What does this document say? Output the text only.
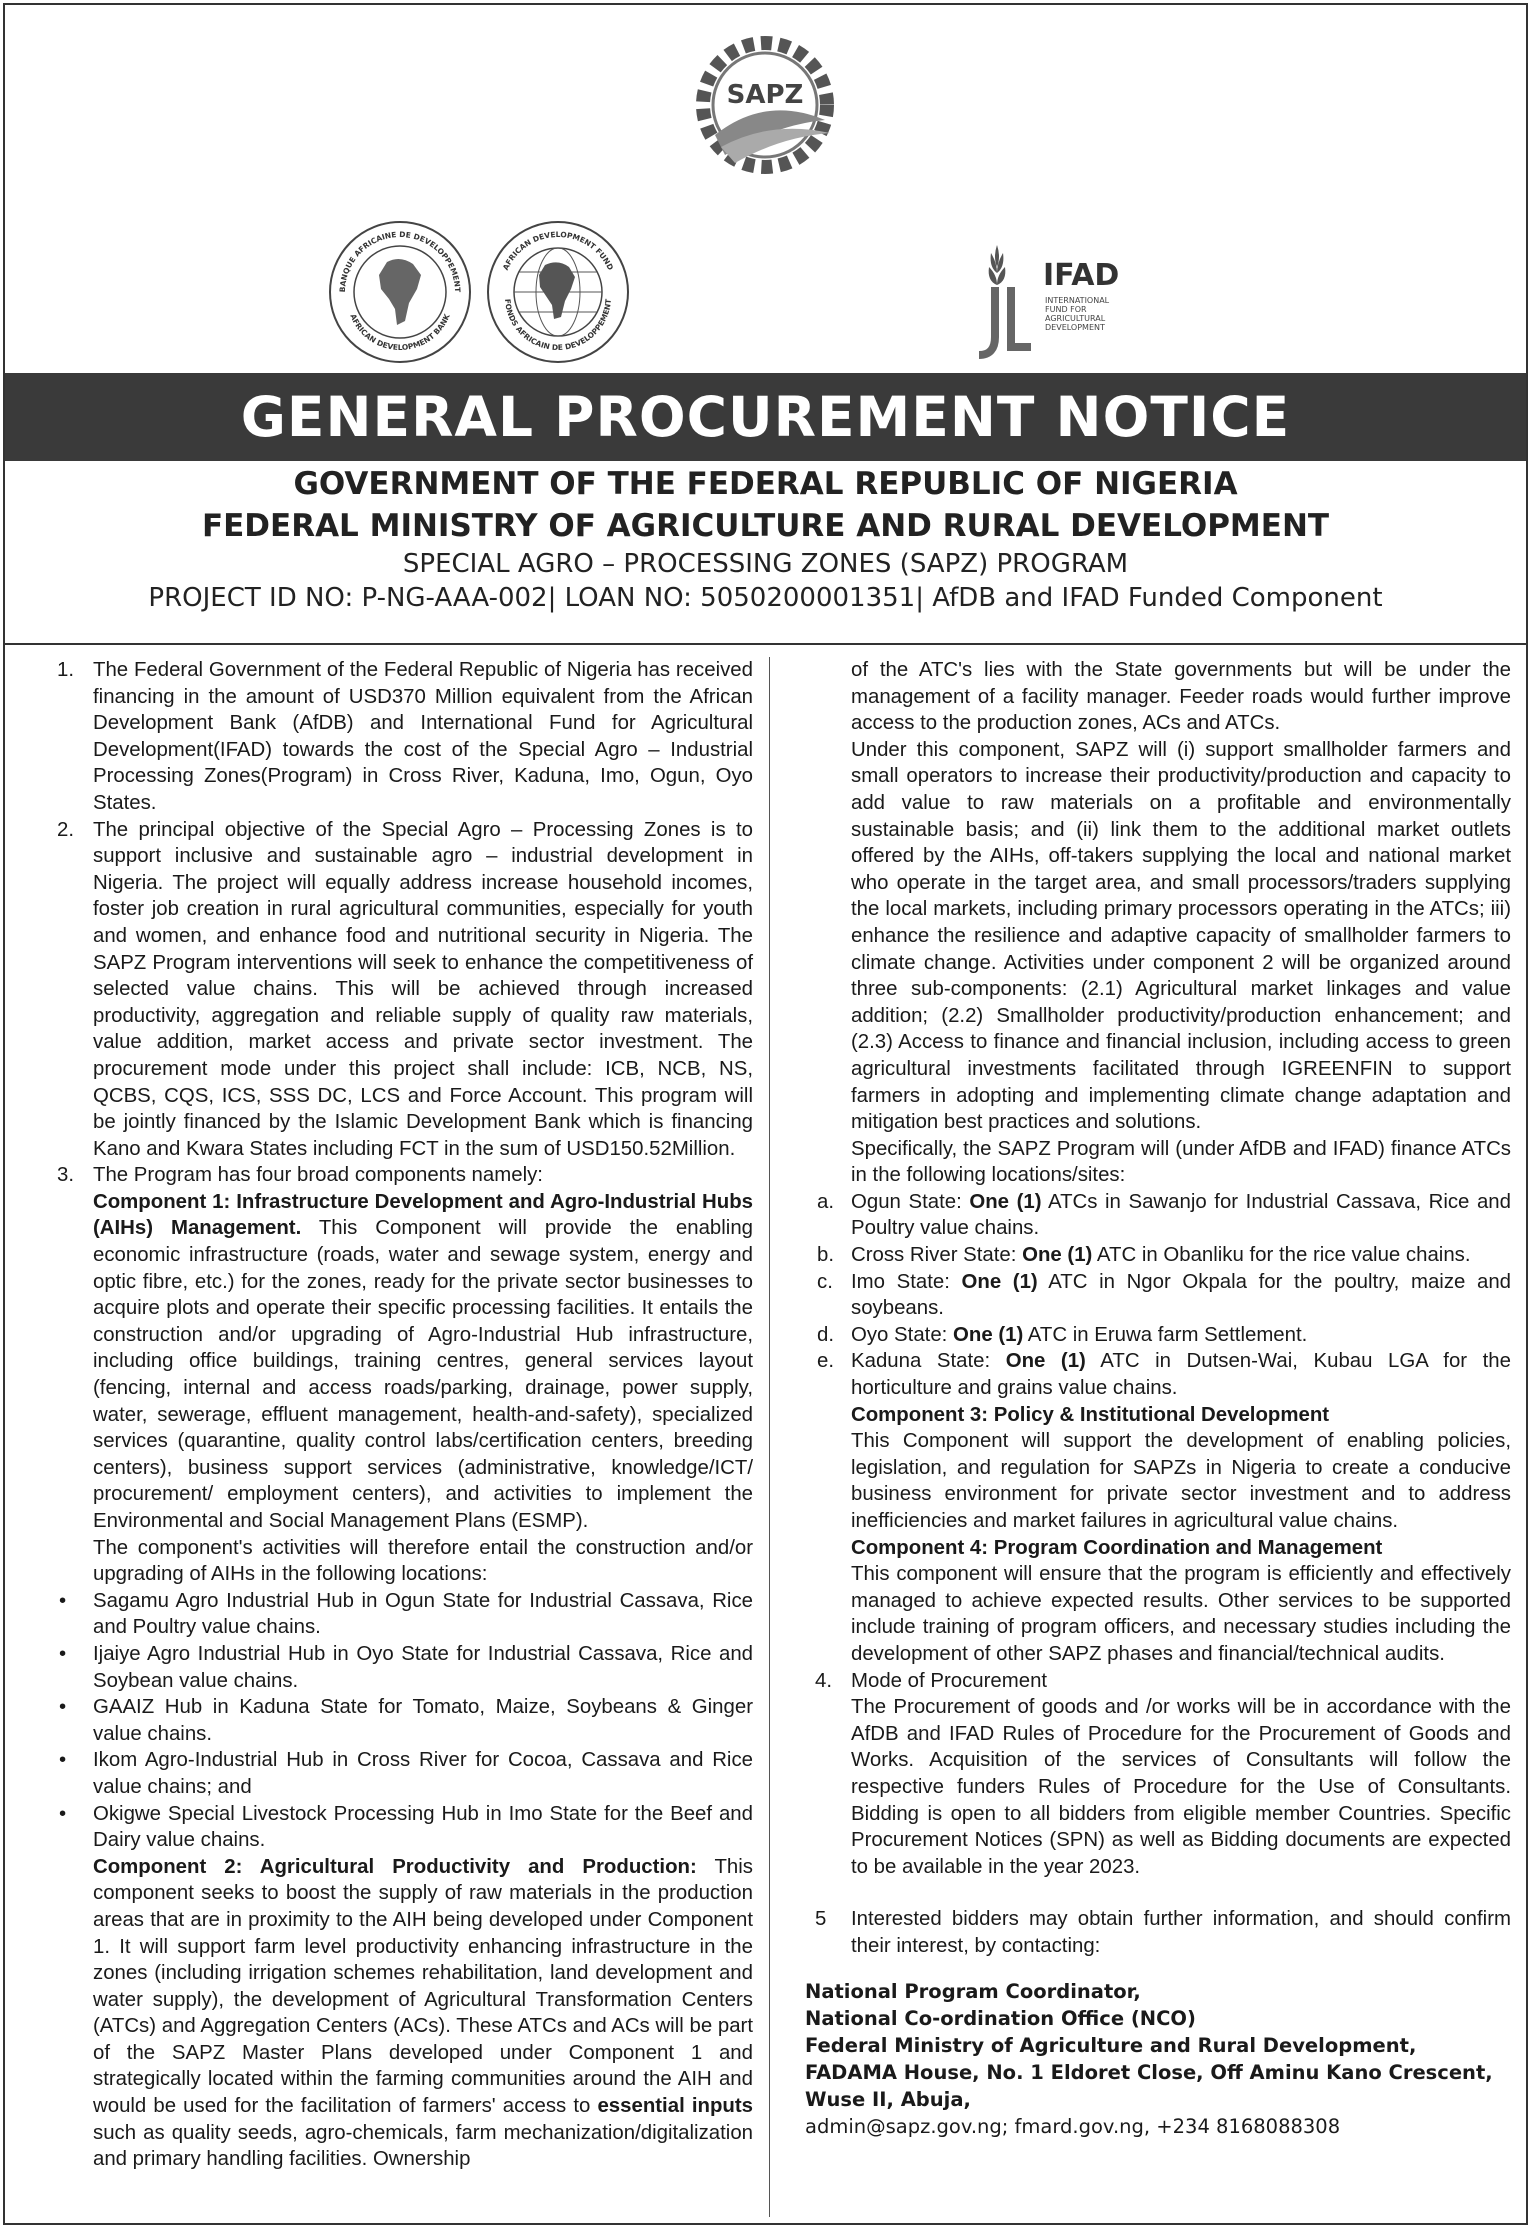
SAPZ
BANQUE AFRICAINE DE DEVELOPPEMENT
AFRICAN DEVELOPMENT BANK
AFRICAN DEVELOPMENT FUND
FONDS AFRICAIN DE DEVELOPPEMENT
IFAD
INTERNATIONAL
FUND FOR
AGRICULTURAL
DEVELOPMENT
GENERAL PROCUREMENT NOTICE
GOVERNMENT OF THE FEDERAL REPUBLIC OF NIGERIA
FEDERAL MINISTRY OF AGRICULTURE AND RURAL DEVELOPMENT
SPECIAL AGRO – PROCESSING ZONES (SAPZ) PROGRAM
PROJECT ID NO: P-NG-AAA-002| LOAN NO: 5050200001351| AfDB and IFAD Funded Component

1. The Federal Government of the Federal Republic of Nigeria has received financing in the amount of USD370 Million equivalent from the African Development Bank (AfDB) and International Fund for Agricultural Development(IFAD) towards the cost of the Special Agro – Industrial Processing Zones(Program) in Cross River, Kaduna, Imo, Ogun, Oyo States.

2. The principal objective of the Special Agro – Processing Zones is to support inclusive and sustainable agro – industrial development in Nigeria. The project will equally address increase household incomes, foster job creation in rural agricultural communities, especially for youth and women, and enhance food and nutritional security in Nigeria. The SAPZ Program interventions will seek to enhance the competitiveness of selected value chains. This will be achieved through increased productivity, aggregation and reliable supply of quality raw materials, value addition, market access and private sector investment. The procurement mode under this project shall include: ICB, NCB, NS, QCBS, CQS, ICS, SSS DC, LCS and Force Account. This program will be jointly financed by the Islamic Development Bank which is financing Kano and Kwara States including FCT in the sum of USD150.52Million.

3. The Program has four broad components namely:

Component 1: Infrastructure Development and Agro-Industrial Hubs (AIHs) Management. This Component will provide the enabling economic infrastructure (roads, water and sewage system, energy and optic fibre, etc.) for the zones, ready for the private sector businesses to acquire plots and operate their specific processing facilities. It entails the construction and/or upgrading of Agro-Industrial Hub infrastructure, including office buildings, training centres, general services layout (fencing, internal and access roads/parking, drainage, power supply, water, sewerage, effluent management, health-and-safety), specialized services (quarantine, quality control labs/certification centers, breeding centers), business support services (administrative, knowledge/ICT/ procurement/ employment centers), and activities to implement the Environmental and Social Management Plans (ESMP).

The component's activities will therefore entail the construction and/or upgrading of AIHs in the following locations:

• Sagamu Agro Industrial Hub in Ogun State for Industrial Cassava, Rice and Poultry value chains.

• Ijaiye Agro Industrial Hub in Oyo State for Industrial Cassava, Rice and Soybean value chains.

• GAAIZ Hub in Kaduna State for Tomato, Maize, Soybeans & Ginger value chains.

• Ikom Agro-Industrial Hub in Cross River for Cocoa, Cassava and Rice value chains; and

• Okigwe Special Livestock Processing Hub in Imo State for the Beef and Dairy value chains.

Component 2: Agricultural Productivity and Production: This component seeks to boost the supply of raw materials in the production areas that are in proximity to the AIH being developed under Component 1. It will support farm level productivity enhancing infrastructure in the zones (including irrigation schemes rehabilitation, land development and water supply), the development of Agricultural Transformation Centers (ATCs) and Aggregation Centers (ACs). These ATCs and ACs will be part of the SAPZ Master Plans developed under Component 1 and strategically located within the farming communities around the AIH and would be used for the facilitation of farmers' access to essential inputs such as quality seeds, agro-chemicals, farm mechanization/digitalization and primary handling facilities. Ownership

of the ATC's lies with the State governments but will be under the management of a facility manager. Feeder roads would further improve access to the production zones, ACs and ATCs.

Under this component, SAPZ will (i) support smallholder farmers and small operators to increase their productivity/production and capacity to add value to raw materials on a profitable and environmentally sustainable basis; and (ii) link them to the additional market outlets offered by the AIHs, off-takers supplying the local and national market who operate in the target area, and small processors/traders supplying the local markets, including primary processors operating in the ATCs; iii) enhance the resilience and adaptive capacity of smallholder farmers to climate change. Activities under component 2 will be organized around three sub-components: (2.1) Agricultural market linkages and value addition; (2.2) Smallholder productivity/production enhancement; and (2.3) Access to finance and financial inclusion, including access to green agricultural investments facilitated through IGREENFIN to support farmers in adopting and implementing climate change adaptation and mitigation best practices and solutions.

Specifically, the SAPZ Program will (under AfDB and IFAD) finance ATCs in the following locations/sites:

a. Ogun State: One (1) ATCs in Sawanjo for Industrial Cassava, Rice and Poultry value chains.

b. Cross River State: One (1) ATC in Obanliku for the rice value chains.

c. Imo State: One (1) ATC in Ngor Okpala for the poultry, maize and soybeans.

d. Oyo State: One (1) ATC in Eruwa farm Settlement.

e. Kaduna State: One (1) ATC in Dutsen-Wai, Kubau LGA for the horticulture and grains value chains.

Component 3: Policy & Institutional Development

This Component will support the development of enabling policies, legislation, and regulation for SAPZs in Nigeria to create a conducive business environment for private sector investment and to address inefficiencies and market failures in agricultural value chains.

Component 4: Program Coordination and Management

This component will ensure that the program is efficiently and effectively managed to achieve expected results. Other services to be supported include training of program officers, and necessary studies including the development of other SAPZ phases and financial/technical audits.

4. Mode of Procurement

The Procurement of goods and /or works will be in accordance with the AfDB and IFAD Rules of Procedure for the Procurement of Goods and Works. Acquisition of the services of Consultants will follow the respective funders Rules of Procedure for the Use of Consultants. Bidding is open to all bidders from eligible member Countries. Specific Procurement Notices (SPN) as well as Bidding documents are expected to be available in the year 2023.

5 Interested bidders may obtain further information, and should confirm their interest, by contacting:

National Program Coordinator,
National Co-ordination Office (NCO)
Federal Ministry of Agriculture and Rural Development,
FADAMA House, No. 1 Eldoret Close, Off Aminu Kano Crescent,
Wuse II, Abuja,
admin@sapz.gov.ng; fmard.gov.ng, +234 8168088308
